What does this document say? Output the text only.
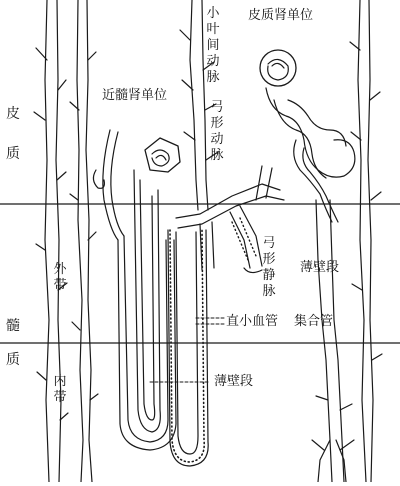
皮
质
髓
质
外带
内带
皮质肾单位
近髓肾单位
小叶间动脉
弓形动脉
弓形静脉
薄壁段
直小血管 集合管
薄壁段
